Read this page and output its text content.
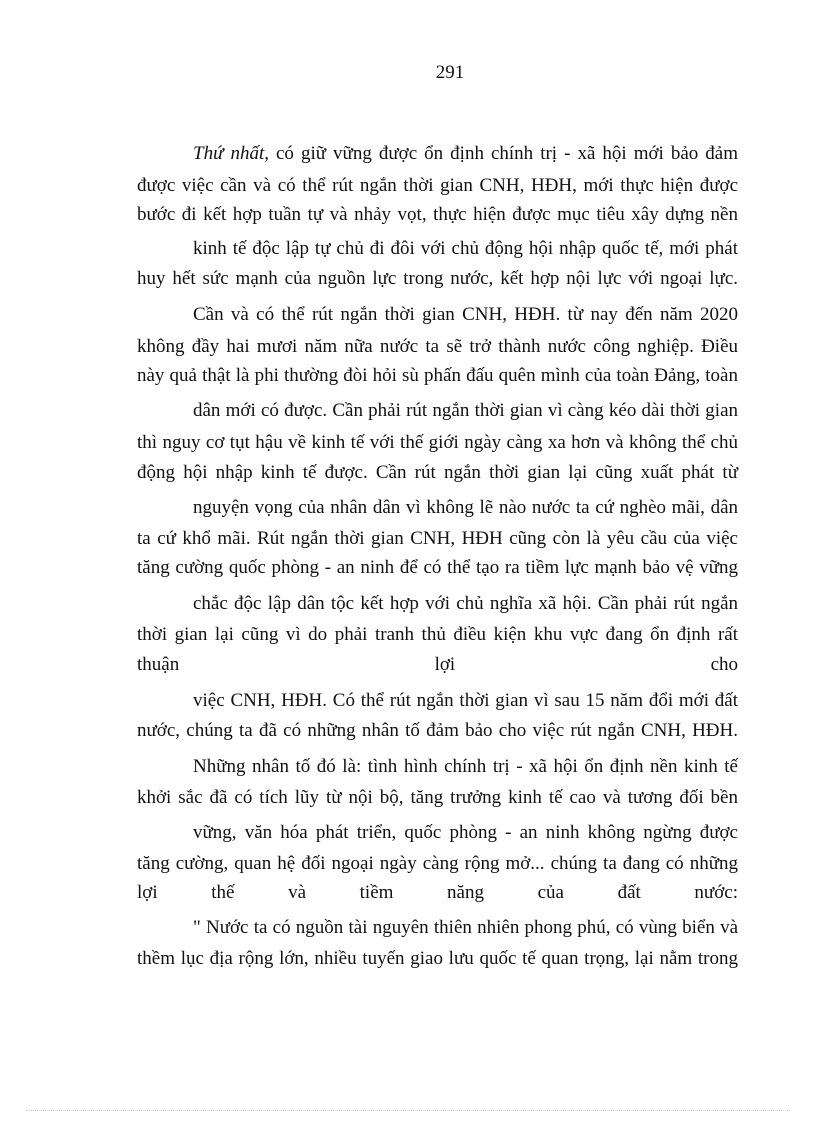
291
Thứ nhất, có giữ vững được ổn định chính trị - xã hội mới bảo đảm
được việc cần và có thể rút ngắn thời gian CNH, HĐH, mới thực hiện được
bước đi kết hợp tuần tự và nhảy vọt, thực hiện được mục tiêu xây dựng nền
kinh tế độc lập tự chủ đi đôi với chủ động hội nhập quốc tế, mới phát
huy hết sức mạnh của nguồn lực trong nước, kết hợp nội lực với ngoại lực.
Cần và có thể rút ngắn thời gian CNH, HĐH. từ nay đến năm 2020
không đầy hai mươi năm nữa nước ta sẽ trở thành nước công nghiệp. Điều
này quả thật là phi thường đòi hỏi sù phấn đấu quên mình của toàn Đảng, toàn
dân mới có được. Cần phải rút ngắn thời gian vì càng kéo dài thời gian
thì nguy cơ tụt hậu về kinh tế với thế giới ngày càng xa hơn và không thể chủ
động hội nhập kinh tế được. Cần rút ngắn thời gian lại cũng xuất phát từ
nguyện vọng của nhân dân vì không lẽ nào nước ta cứ nghèo mãi, dân
ta cứ khổ mãi. Rút ngắn thời gian CNH, HĐH cũng còn là yêu cầu của việc
tăng cường quốc phòng - an ninh để có thể tạo ra tiềm lực mạnh bảo vệ vững
chắc độc lập dân tộc kết hợp với chủ nghĩa xã hội. Cần phải rút ngắn
thời gian lại cũng vì do phải tranh thủ điều kiện khu vực đang ổn định rất
thuận lợi cho
việc CNH, HĐH. Có thể rút ngắn thời gian vì sau 15 năm đổi mới đất
nước, chúng ta đã có những nhân tố đảm bảo cho việc rút ngắn CNH, HĐH.
Những nhân tố đó là: tình hình chính trị - xã hội ổn định nền kinh tế
khởi sắc đã có tích lũy từ nội bộ, tăng trưởng kinh tế cao và tương đối bền
vững, văn hóa phát triển, quốc phòng - an ninh không ngừng được
tăng cường, quan hệ đối ngoại ngày càng rộng mở... chúng ta đang có những
lợi thế và tiềm năng của đất nước:
" Nước ta có nguồn tài nguyên thiên nhiên phong phú, có vùng biển và
thềm lục địa rộng lớn, nhiều tuyến giao lưu quốc tế quan trọng, lại nằm trong
